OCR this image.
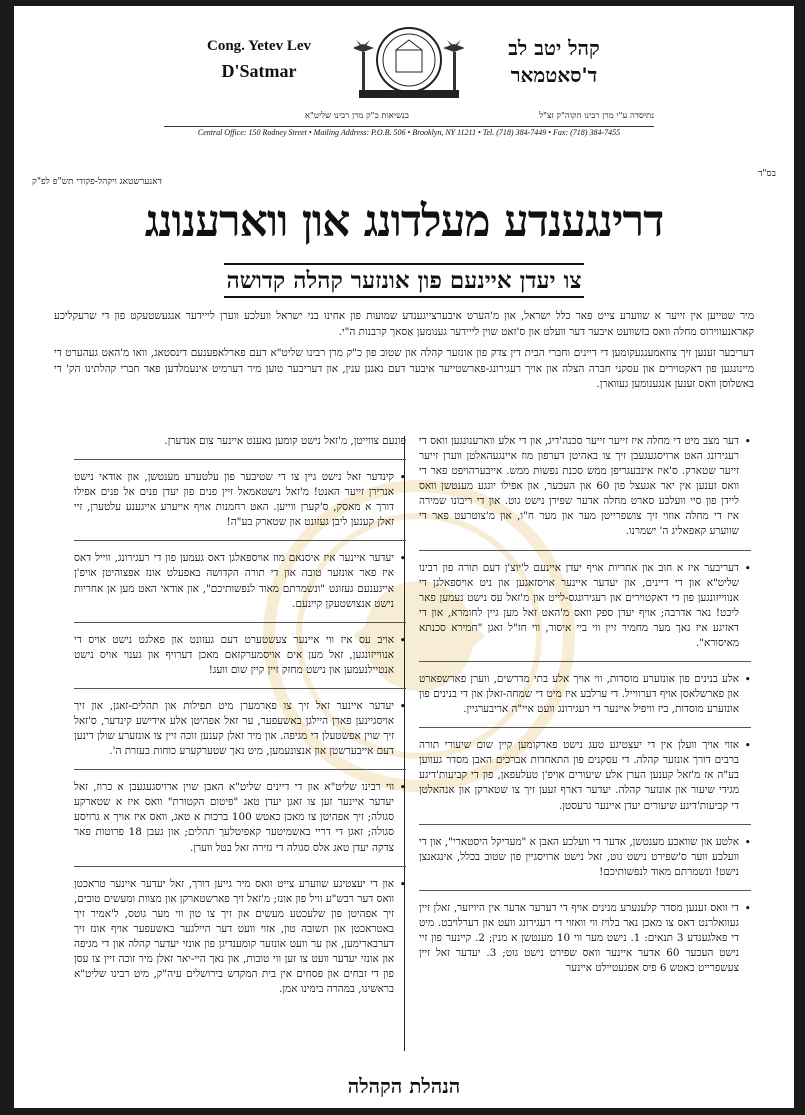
Cong. Yetev Lev
D'Satmar
קהל יטב לב
ד'סאטמאר
בנשיאות כ"ק מרן רבינו שליט"א	נתיסדה ע"י מרן רבינו הקוה"ק זצ"ל
Central Office: 150 Rodney Street • Mailing Address: P.O.B. 506 • Brooklyn, NY 11211 • Tel. (718) 384-7449 • Fax: (718) 384-7455
בס"ד
דאנערשטאג ויקהל-פקודי תש"פ לפ"ק
דרינגענדע מעלדונג און ווארענונג
צו יעדן איינעם פון אונזער קהלה קדושה

מיר שטייען אין זייער א שווערע צייט פאר כלל ישראל, און מ'הערט איבערצייגענדע שמועות פון אחינו בני ישראל וועלכע ווערן לייידער אנגעשטעקט פון די שרעקליכע קאראנעווירוס מחלה וואס בזשוועט איבער דער וועלט און ס'זאט שוין לייידער גענומען אַסאך קרבנות ה"י.

דעריבער זענען זיך צוזאמענגעקומען די דיינים וחברי הבית דין צדק פון אונזער קהלה און שטוב פון כ"ק מרן רבינו שליט"א דעם פארלאפענעם דינסטאג, וואו מ'האט געהערט די מיינונגען פון דאקטוירים און עסקני חברה הצלה און אויך רעגירונג-פארשטייער איבער דעם נאגנן ענין, און דעריבער טוען מיר דערמיט אינעמלדען פאר חברי קהלתינו הק' די באשלוסן וואס זענען אנגענומען געווארן.

•
דער מצב מיט די מחלה איז זייער זייער סכנה'דיג, און די אלע ווארענונגען וואס די רעגירונג האט ארויסגעגעבן זיך צו באהיטן דערפון מוז איינגעהאלטן ווערן זייער זייער שטארק. ס'איז אינבעגריפן ממש סכנת נפשות ממש. אייבערהויפט פאר די וואס זענען אין יאר אגעצל פון 60 און העכער, און אפילו יונגע מענטשן וואס ליידן פון סיי וועלכע סארט מחלה אדער שפירן נישט גוט. און די ריבונו שמירה איז די מחלה אוזוי זיך צושפרייטן מער און מער ח"ו, און מ'צוטרעט פאר די שווערע קאפאליג ה' ישמרנו.
•
דעריבער איז א חוב און אחריות אויף יעדן איינעם ל'יוצ'ן דעם תורה פון רבינו שליט"א און די דיינים, און יעדער איינער אויסזאגען און ניט אויספאלגן די אנווייזונגען פון די דאקטוירים און רעגירונגס-לייט און מ'זאל עס נישט נעמען פאר ליכט! נאר אדרבה; אויף יעדן ספק וואס מ'האט זאל מען גיין לחומרא, און די דאזיגע איז נאך מער מחמיר זיין ווי ביי איסור, ווי חז"ל זאגן "חמירא סכנתא מאיסורא".
•
אלע בנינים פון אונזערע מוסדות, ווי אויך אלע בתי מדרשים, ווערן פארשפארט און פארשלאסן אויף דערווייל. די ערלבע איז מיט די שמחה-זאלן און די בנינים פון אונזערע מוסדות, ביז וויפיל איינער די רעגירונג וועט איי"ה אריבערגיין.
•
אזוי אויך וועלן אין די יעצטיגע טעג נישט פארקומען קיין שום שיעורי תורה ברבים דורך אונזער קהלה. די עסקנים פון התאחדות אברכים האבן מסדר געווען בע"ה אז מ'זאל קענען הערן אלע שיעורים אויפ'ן טעלעפאן, פון די קביעות'דיגע מגידי שיעור און אונזער קהלה. יעדער דארף זעען זיך צו שטארקן און אנהאלטן די קביעות'דיגע שיעורים יעדן איינער גרעסטן.
•
אלטע און שוואכע מענטשן, אדער די וועלכע האבן א "מעדיקל היסטארי", און די וועלכע ווער ס'שפירט נישט גוט, זאל נישט ארויסגיין פון שטוב בכלל, אינגאנצן נישט! ונשמרתם מאוד לנפשותיכם!
•
די וואס זענען מסדר קלענערע מנינים אויף די דערער אדער אין היויזער, זאלן זיין געוואלרנט דאס צו מאכן נאר בלויז ווי וואזוי די רעגירונג וועט און דערלויבט. מיט די פאלגענדע 3 תנאים: 1. נישט מער ווי 10 מענטשן א מנין; 2. קיינער פון זיי נישט העכער 60 אדער איינער וואס שפירט נישט גוט; 3. יעדער זאל זיין צעשפרייט כאטש 6 פיס אפגעטיילט איינער
פונעם צווייטן, מ'זאל נישט קומען נאענט איינער צום אנדערן.
•
קינדער זאל נישט גיין צו די שטיבער פון עלטערע מענטשן, און אודאי נישט אנרירן זייער האנט! מ'זאל נישטאמאל זיין פנים פון יעדן פנים אל פנים אפילו דורך א מאסק, ס'קערן ווייען. האט רחמנות אויף אייערע אייגענע עלטערן, זיי זאלן קענען ליבן געזונט און שטארק בע"ה!
•
יעדער איינער איז איסנאם מוז אויספאלגן דאס געמען פון די רעגירונג, ווייל דאס איז פאר אונזער טובה און די תורה הקדושה באפעלט אונז אפצוהיטן אויפ'ן אייגענעם געזונט "ונשמרתם מאוד לנפשותיכם", און אודאי האט מען אן אחריות נישט אנצושטעקן קיינעם.
•
אויב עס איז ווי איינער צעשטערט דעם געזונט און פאלגט נישט אויס די אנווייזונגען, זאל מען אים אויסמערקזאם מאכן דערויף און גענוי אויס נישט אנטיילנעמען און נישט מחזק זיין קיין שום וועג!
•
יעדער איינער זאל זיך צו פארמערן מיט תפילות און תהלים-זאגן, און זיך אויסגיינען פארן היילגן באשעפער, ער זאל אפהיטן אלע אידישע קינדער, ס'זאל זיך שוין אפשטעלן די מגיפה. און מיר זאלן קענען זוכה זיין צו אונזערע שולן דינען דעם אייבערשטן און אנצונעמען, מיט נאך שטערקערע כוחות בעזרת ה'.
•
ווי רבינו שליט"א און די דיינים שליט"א האבן שוין ארויסגעגעבן א כרוז, זאל יעדער איינער זען צו זאגן יעדן טאג "פיטום הקטורת" וואס איז א שטארקע סגולה; זיך אפהיטן צו מאכן כאטש 100 ברכות א טאג, וואס איז אויך א גרויסע סגולה; זאגן די דריי באשמיטער קאפיטלעך תהלים; און געבן 18 פרוטות פאר צדקה יעדן טאג אלס סגולה די גזירה זאל בטל ווערן.
•
און די יעצטיגע שווערע צייט וואס מיר גייען דורך, זאל יעדער איינער טראכטן וואס דער רבש"ע וויל פון אונז; מ'זאל זיך פארשטארקן און מצוות ומעשים טובים, זיך אפהיטן פון שלעכטע מעשים און זיך צו טון ווי מער גוטס, ל'אמיר זיך באטראכטן און תשובה טון, אזוי וועט דער היילגער באשעפער אויף אונז זיך דערבארימען, און ער וועט אונזער קומענדיגן פון אונזי יעדער קהלה און די מגיפה און אונזי יעדער וועט צו זען ווי טובות, און נאך היי-יאר זאלן מיר זוכה זיין צו עסן פון די זבחים און פסחים אין בית המקדש בירושלים עיה"ק, מיט רבינו שליט"א בראשינו, במהרה בימינו אמן.
הנהלת הקהלה
